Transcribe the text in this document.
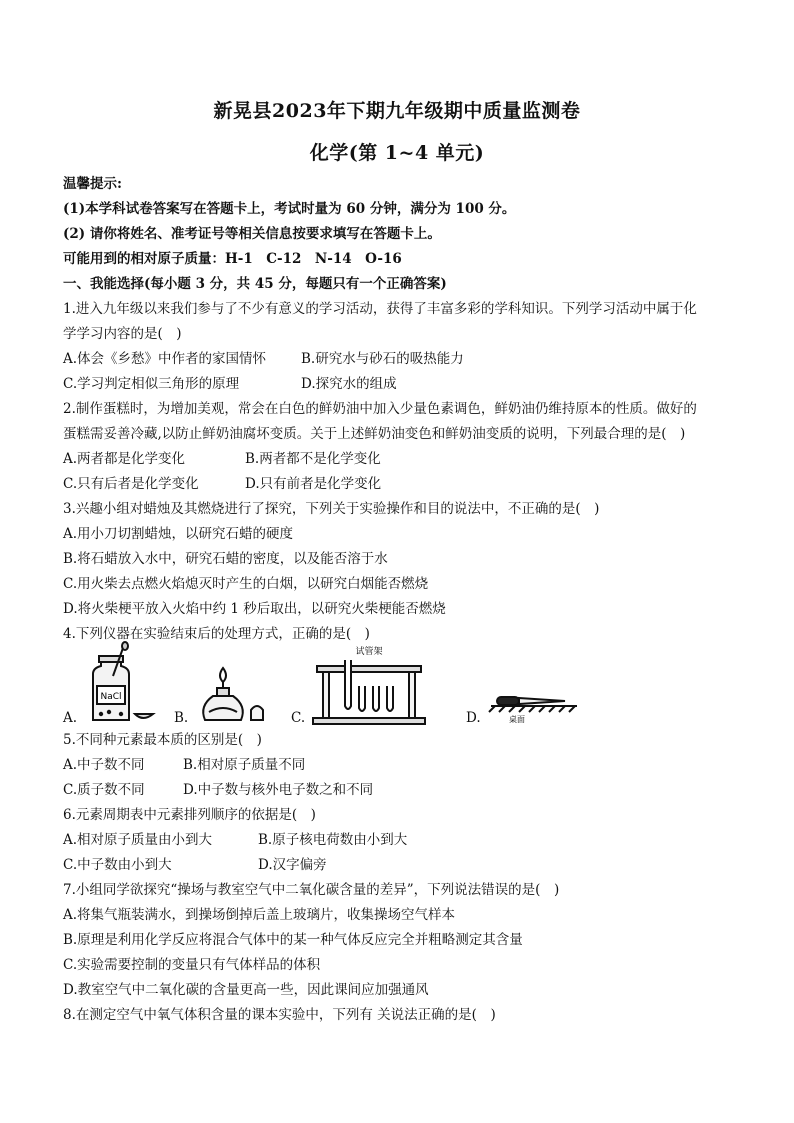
新晃县2023年下期九年级期中质量监测卷
化学(第 1~4 单元)
温馨提示:
(1)本学科试卷答案写在答题卡上，考试时量为 60 分钟，满分为 100 分。
(2) 请你将姓名、准考证号等相关信息按要求填写在答题卡上。
可能用到的相对原子质量：H-1　C-12　N-14　O-16
一、我能选择(每小题 3 分，共 45 分，每题只有一个正确答案)
1.进入九年级以来我们参与了不少有意义的学习活动，获得了丰富多彩的学科知识。下列学习活动中属于化
学学习内容的是(　)
A.体会《乡愁》中作者的家国情怀	B.研究水与砂石的吸热能力
C.学习判定相似三角形的原理	D.探究水的组成
2.制作蛋糕时，为增加美观，常会在白色的鲜奶油中加入少量色素调色，鲜奶油仍维持原本的性质。做好的
蛋糕需妥善冷藏,以防止鲜奶油腐坏变质。关于上述鲜奶油变色和鲜奶油变质的说明，下列最合理的是(　)
A.两者都是化学变化	B.两者都不是化学变化
C.只有后者是化学变化	D.只有前者是化学变化
3.兴趣小组对蜡烛及其燃烧进行了探究，下列关于实验操作和目的说法中，不正确的是(　)
A.用小刀切割蜡烛，以研究石蜡的硬度
B.将石蜡放入水中，研究石蜡的密度，以及能否溶于水
C.用火柴去点燃火焰熄灭时产生的白烟，以研究白烟能否燃烧
D.将火柴梗平放入火焰中约 1 秒后取出，以研究火柴梗能否燃烧
4.下列仪器在实验结束后的处理方式，正确的是(　)
A.
NaCl
B.	C.
试管架
D.	桌面
5.不同种元素最本质的区别是(　)
A.中子数不同	B.相对原子质量不同
C.质子数不同	D.中子数与核外电子数之和不同
6.元素周期表中元素排列顺序的依据是(　)
A.相对原子质量由小到大	B.原子核电荷数由小到大
C.中子数由小到大	D.汉字偏旁
7.小组同学欲探究“操场与教室空气中二氧化碳含量的差异”，下列说法错误的是(　)
A.将集气瓶装满水，到操场倒掉后盖上玻璃片，收集操场空气样本
B.原理是利用化学反应将混合气体中的某一种气体反应完全并粗略测定其含量
C.实验需要控制的变量只有气体样品的体积
D.教室空气中二氧化碳的含量更高一些，因此课间应加强通风
8.在测定空气中氧气体积含量的课本实验中，下列有 关说法正确的是(　)
